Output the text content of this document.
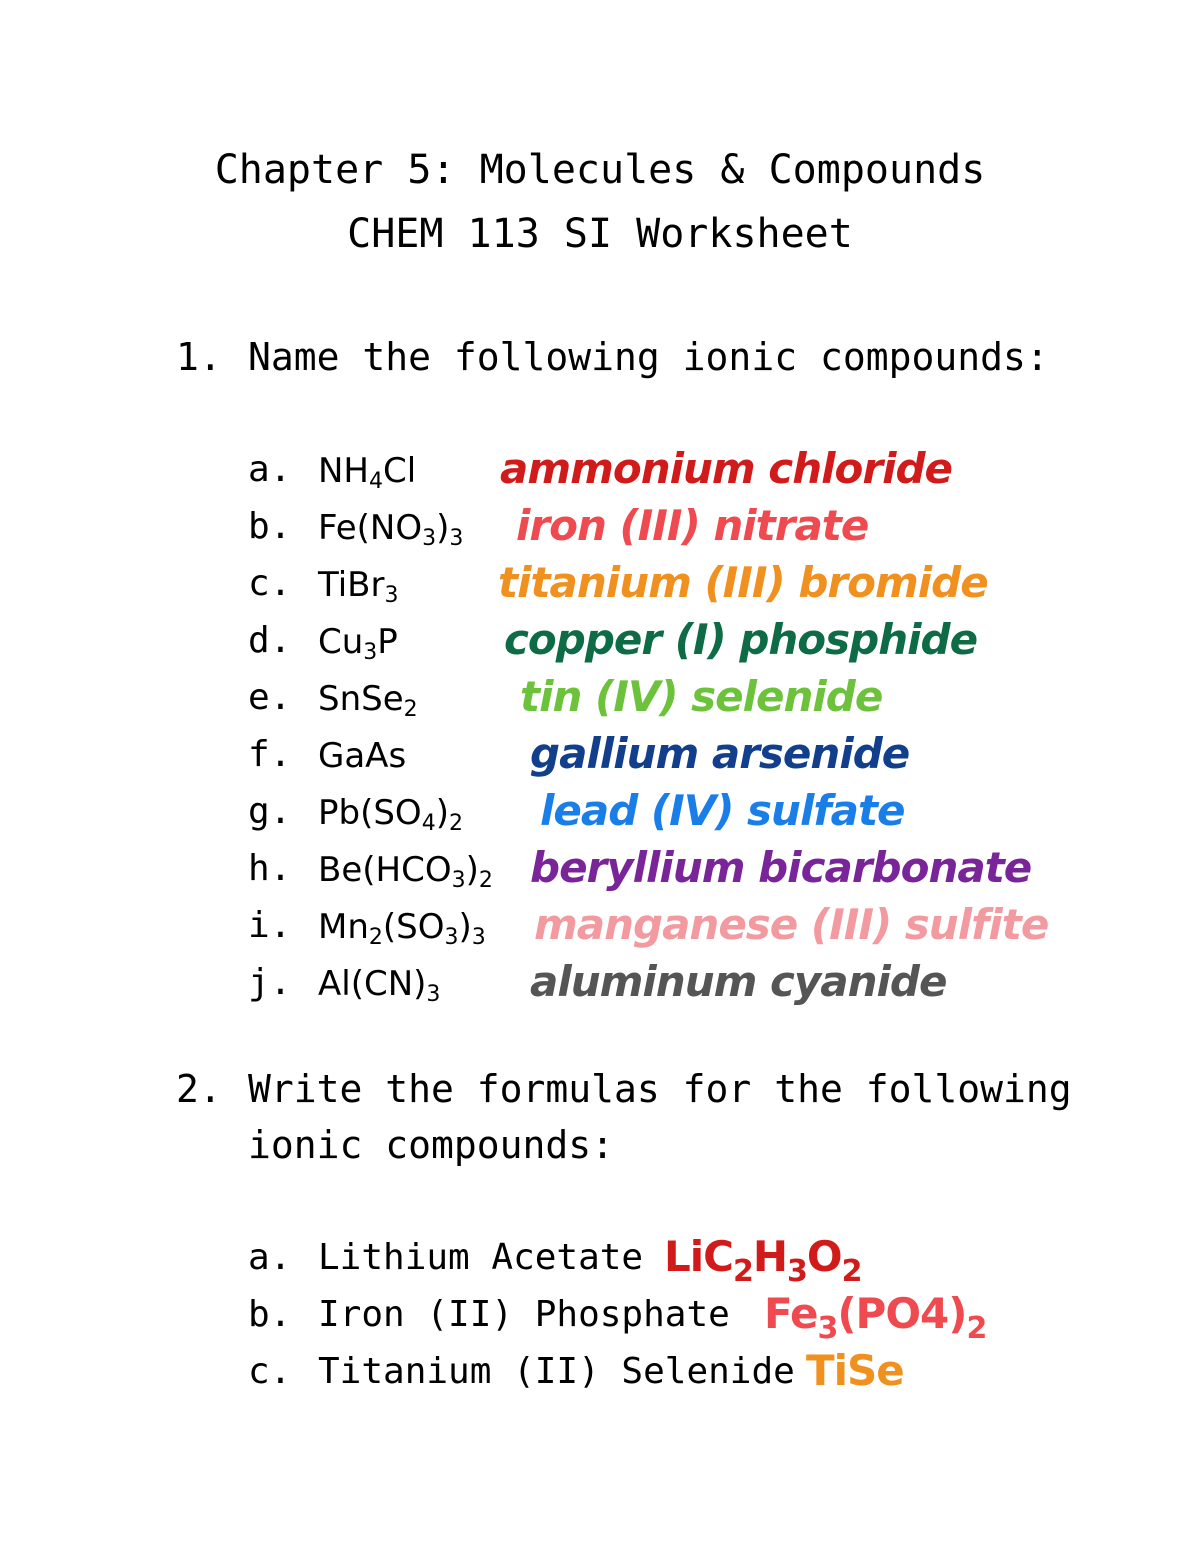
Chapter 5: Molecules & Compounds
CHEM 113 SI Worksheet
1. Name the following ionic compounds:
a. $NH_4Cl$ ammonium chloride
b. $Fe(NO_3)_3$ iron (III) nitrate
c. TiBr$_3$ titanium (III) bromide
d. $Cu_3P$	copper (I) phosphide
e. SnSe$_2$ tin (IV) selenide
f. GaAs	gallium arsenide
g. $Pb(SO_4)_2$ lead (IV) sulfate
h. $Be(HCO_3)_2$ beryllium bicarbonate
i. $Mn_2(SO_3)_3$ manganese (III) sulfite
j. $Al(CN)_3$ aluminum cyanide
2. Write the formulas for the following
ionic compounds:
a. Lithium Acetate $LiC_2H_3O_2$
b. Iron (II) Phosphate $Fe_3(PO4)_2$
c. Titanium (II) Selenide TiSe
